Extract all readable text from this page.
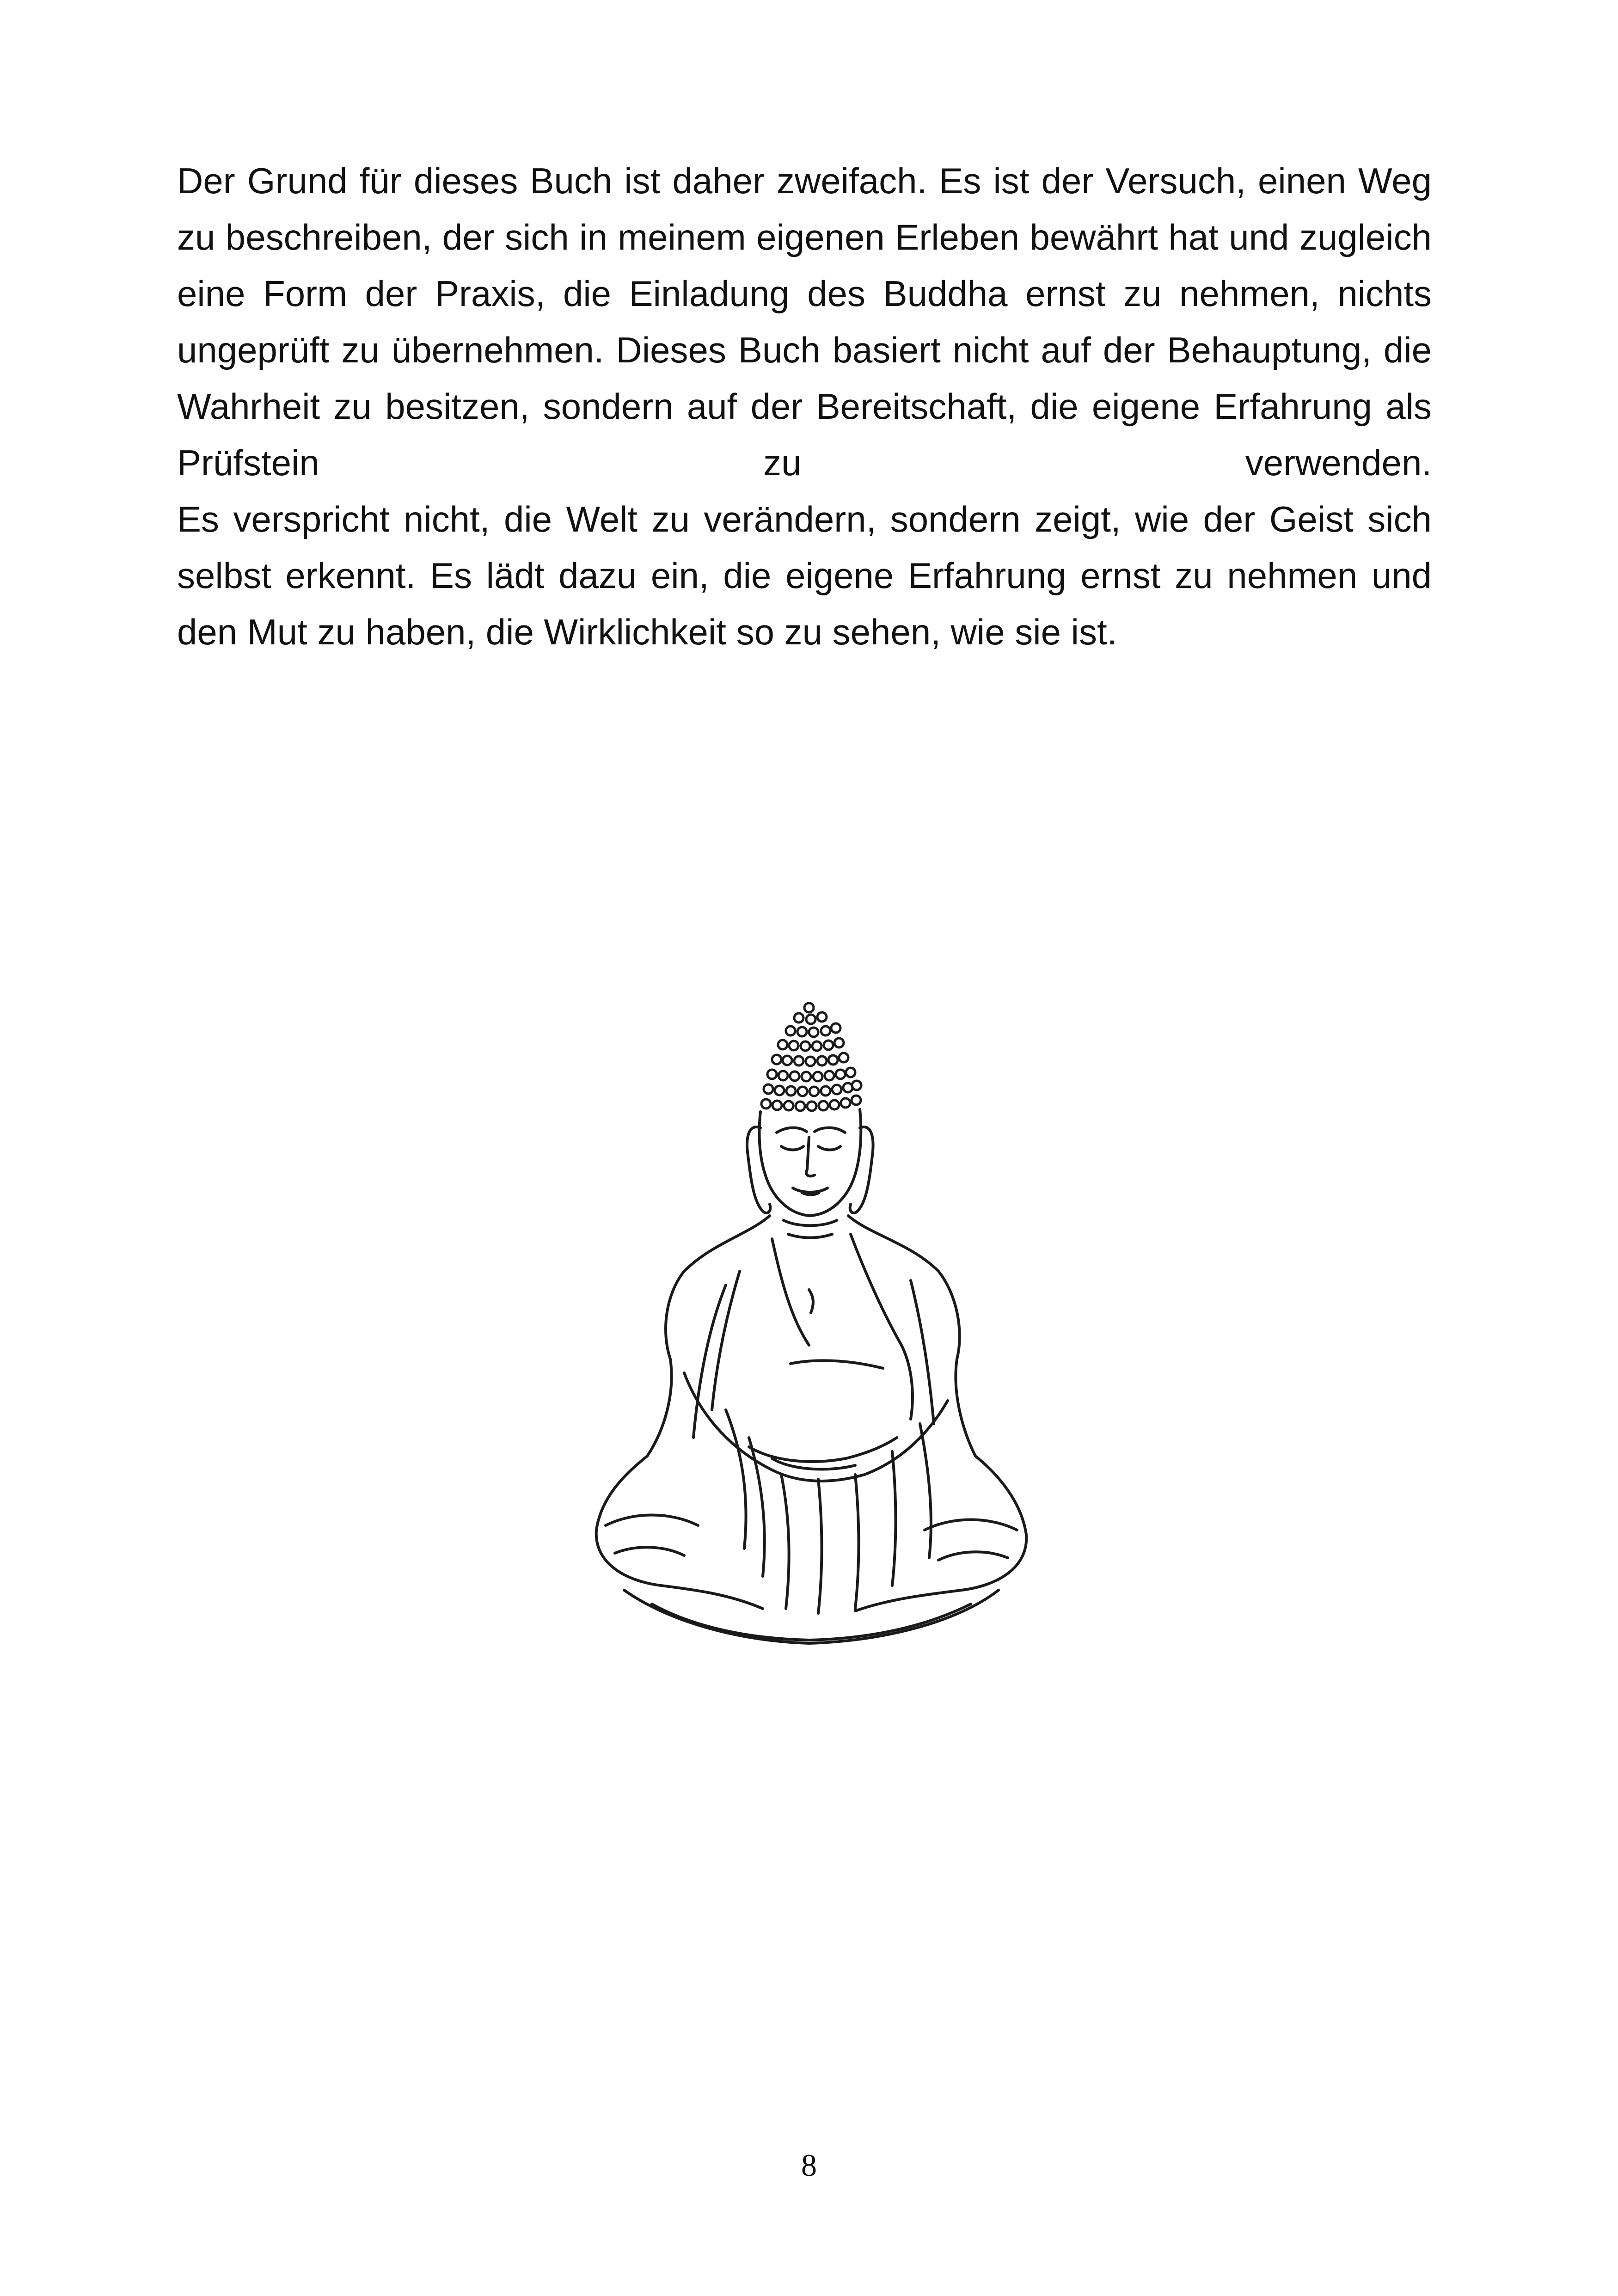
Der Grund für dieses Buch ist daher zweifach. Es ist der Versuch, einen Weg zu beschreiben, der sich in meinem eigenen Erleben bewährt hat und zugleich eine Form der Praxis, die Einladung des Buddha ernst zu nehmen, nichts ungeprüft zu übernehmen. Dieses Buch basiert nicht auf der Behauptung, die Wahrheit zu besitzen, sondern auf der Bereitschaft, die eigene Erfahrung als Prüfstein zu verwenden.

Es verspricht nicht, die Welt zu verändern, sondern zeigt, wie der Geist sich selbst erkennt. Es lädt dazu ein, die eigene Erfahrung ernst zu nehmen und den Mut zu haben, die Wirklichkeit so zu sehen, wie sie ist.

8
